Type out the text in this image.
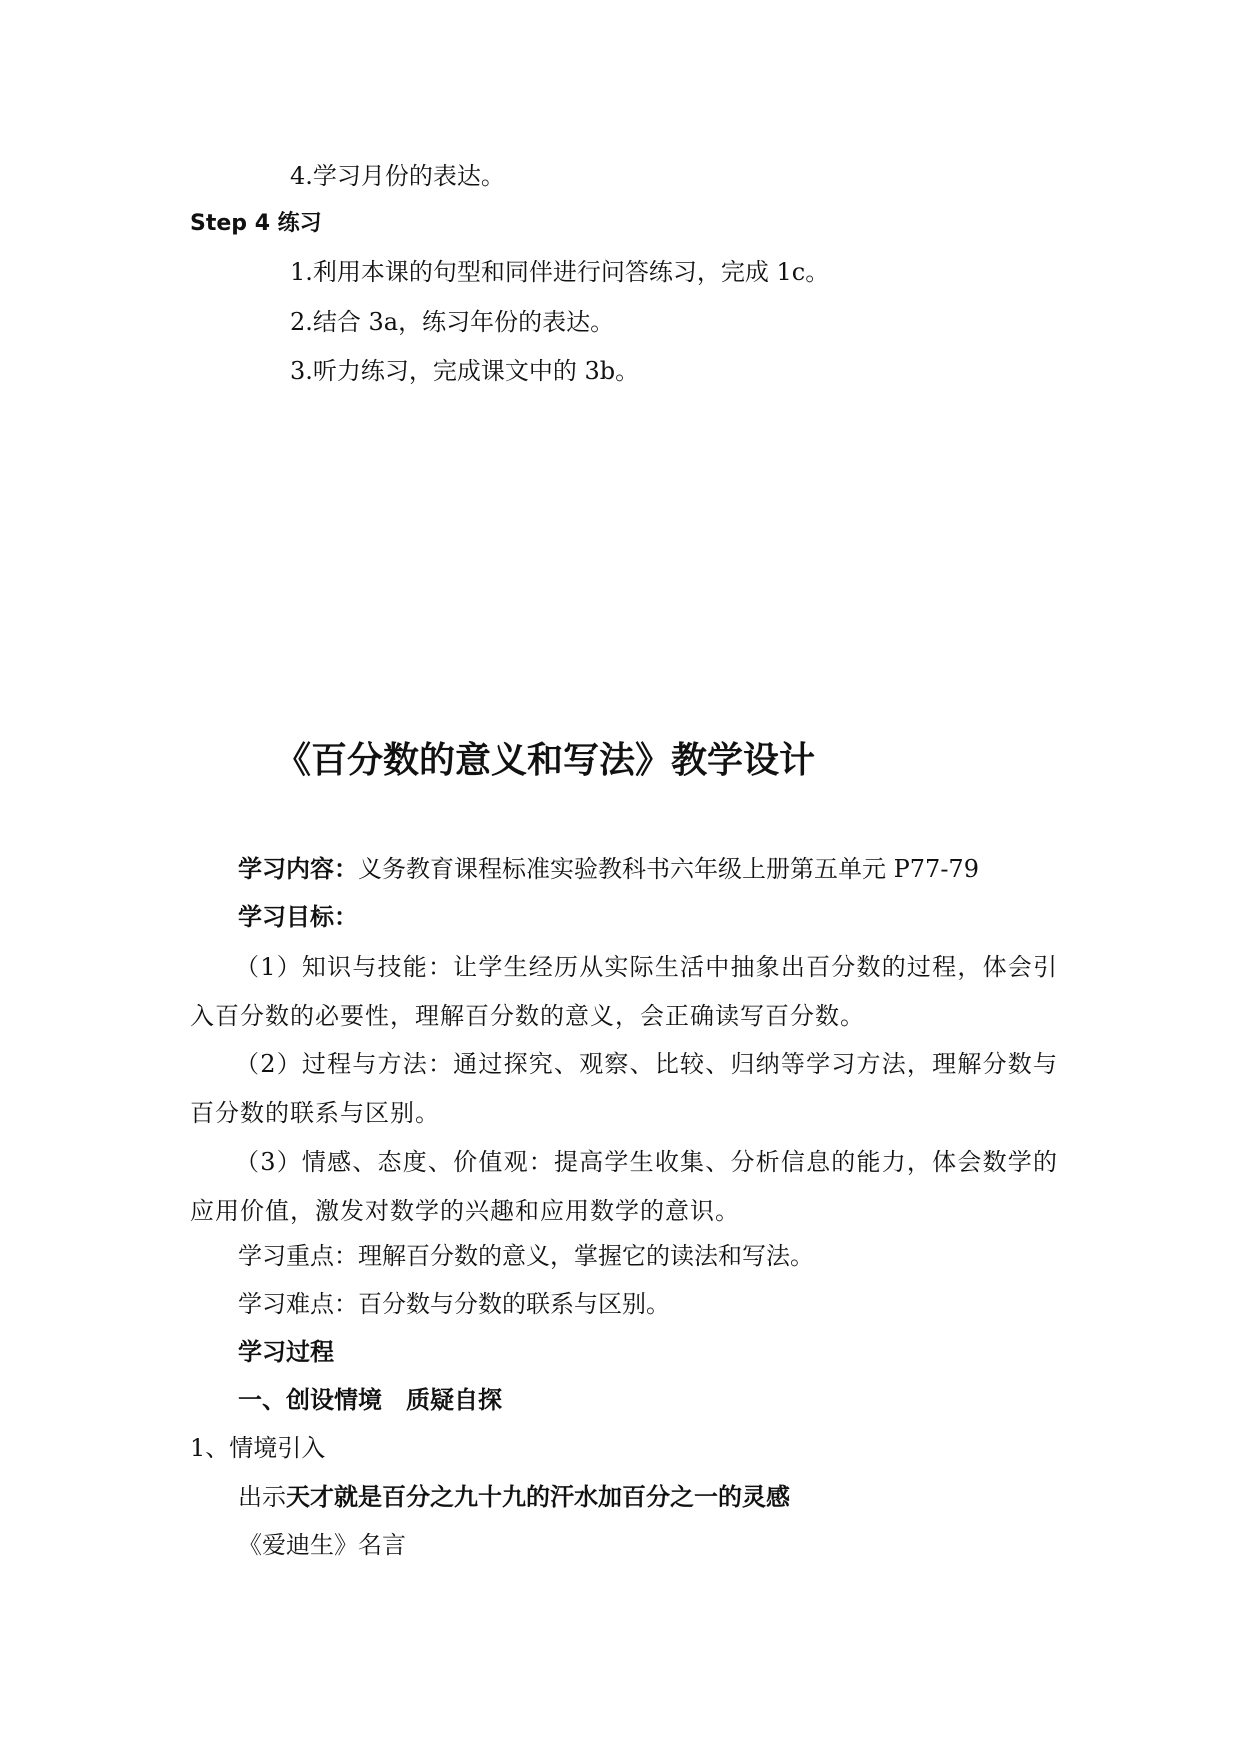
4.学习月份的表达。
Step 4 练习
1.利用本课的句型和同伴进行问答练习，完成 1c。
2.结合 3a，练习年份的表达。
3.听力练习，完成课文中的 3b。
《百分数的意义和写法》教学设计
学习内容：义务教育课程标准实验教科书六年级上册第五单元 P77-79
学习目标：
（1）知识与技能：让学生经历从实际生活中抽象出百分数的过程，体会引入百分数的必要性，理解百分数的意义，会正确读写百分数。
（2）过程与方法：通过探究、观察、比较、归纳等学习方法，理解分数与百分数的联系与区别。
（3）情感、态度、价值观：提高学生收集、分析信息的能力，体会数学的应用价值，激发对数学的兴趣和应用数学的意识。
学习重点：理解百分数的意义，掌握它的读法和写法。
学习难点：百分数与分数的联系与区别。
学习过程
一、创设情境　质疑自探
1、情境引入
出示天才就是百分之九十九的汗水加百分之一的灵感
《爱迪生》名言
